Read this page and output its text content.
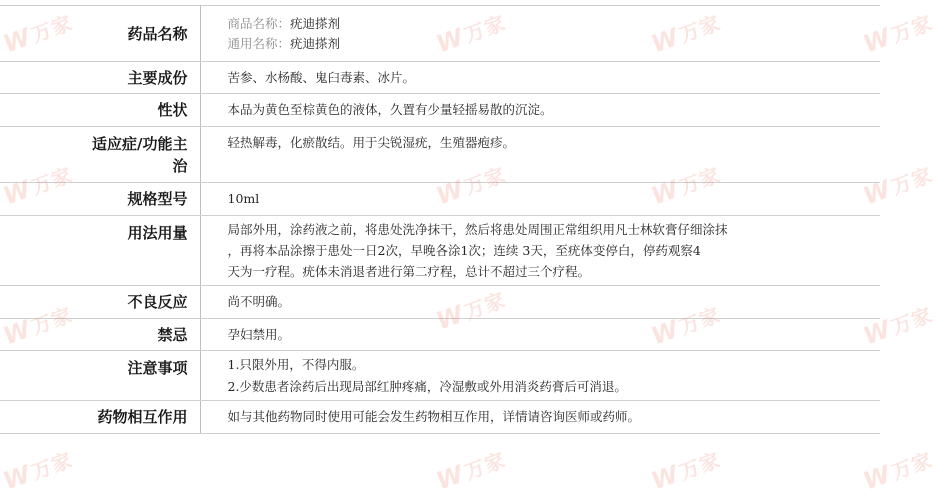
W万家	W万家	W万家	W万家
W万家	W万家	W万家	W万家
W万家	W万家
W万家	W万家
W万家	W万家	W万家	W万家
药品名称	商品名称：疣迪搽剂
通用名称：疣迪搽剂

主要成份	苦参、水杨酸、鬼臼毒素、冰片。
性状	本品为黄色至棕黄色的液体，久置有少量轻摇易散的沉淀。

适应症/功能主
治	轻热解毒，化瘀散结。用于尖锐湿疣，生殖器疱疹。
规格型号	10ml
用法用量	局部外用，涂药液之前，将患处洗净抹干，然后将患处周围正常组织用凡士林软膏仔细涂抹
，再将本品涂擦于患处一日2次，早晚各涂1次；连续 3天，至疣体变停白，停药观察4
天为一疗程。疣体未消退者进行第二疗程，总计不超过三个疗程。

不良反应	尚不明确。
禁忌	孕妇禁用。
注意事项	1.只限外用，不得内服。
2.少数患者涂药后出现局部红肿疼痛，冷湿敷或外用消炎药膏后可消退。

药物相互作用	如与其他药物同时使用可能会发生药物相互作用，详情请咨询医师或药师。
